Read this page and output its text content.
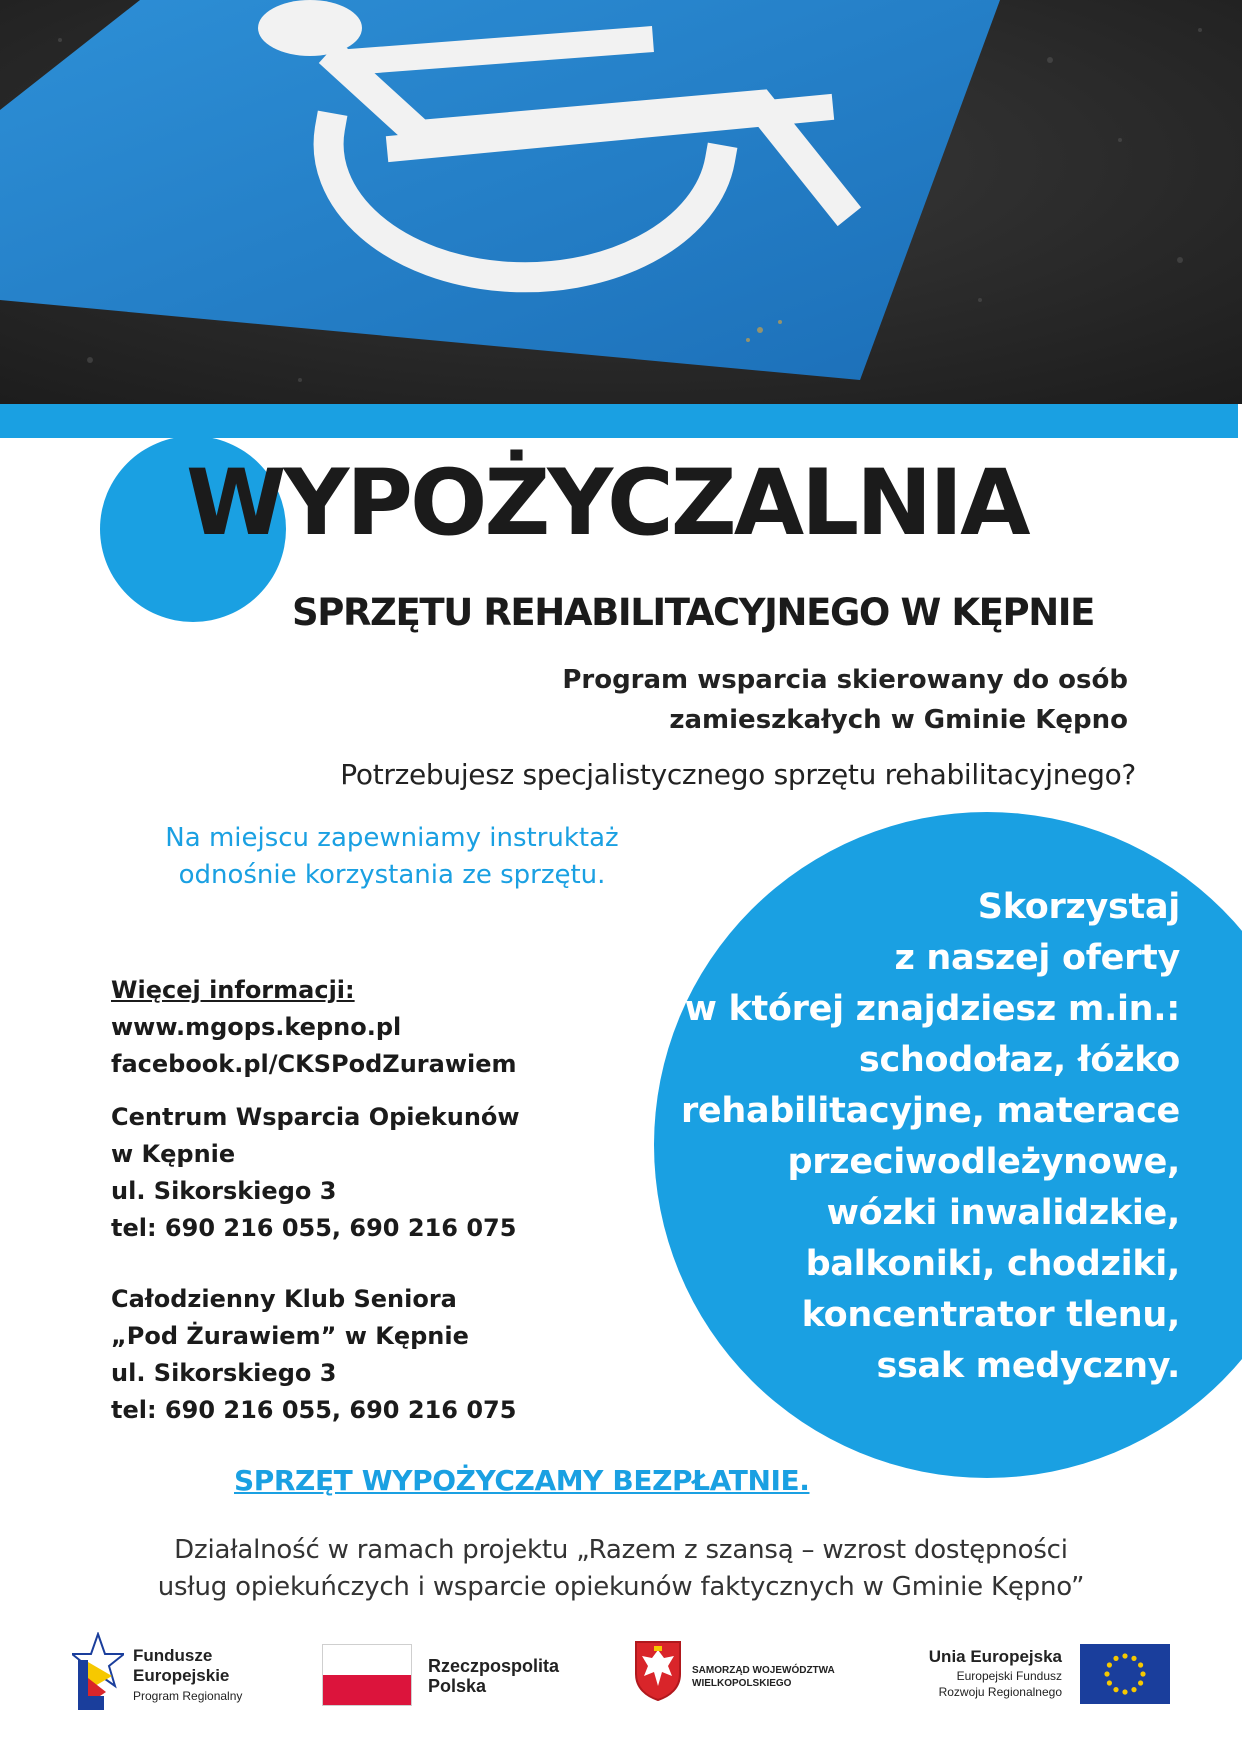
WYPOŻYCZALNIA
SPRZĘTU REHABILITACYJNEGO W KĘPNIE
Program wsparcia skierowany do osób
zamieszkałych w Gminie Kępno
Potrzebujesz specjalistycznego sprzętu rehabilitacyjnego?
Na miejscu zapewniamy instruktaż
odnośnie korzystania ze sprzętu.
Skorzystaj
z naszej oferty
w której znajdziesz m.in.:
schodołaz, łóżko
rehabilitacyjne, materace
przeciwodleżynowe,
wózki inwalidzkie,
balkoniki, chodziki,
koncentrator tlenu,
ssak medyczny.
Więcej informacji:
www.mgops.kepno.pl
facebook.pl/CKSPodZurawiem
Centrum Wsparcia Opiekunów
w Kępnie
ul. Sikorskiego 3
tel: 690 216 055, 690 216 075
Całodzienny Klub Seniora
„Pod Żurawiem” w Kępnie
ul. Sikorskiego 3
tel: 690 216 055, 690 216 075
SPRZĘT WYPOŻYCZAMY BEZPŁATNIE.
Działalność w ramach projektu „Razem z szansą – wzrost dostępności
usług opiekuńczych i wsparcie opiekunów faktycznych w Gminie Kępno”
Fundusze
Europejskie
Program Regionalny
Rzeczpospolita
Polska
SAMORZĄD WOJEWÓDZTWA
WIELKOPOLSKIEGO
Unia Europejska
Europejski Fundusz
Rozwoju Regionalnego
